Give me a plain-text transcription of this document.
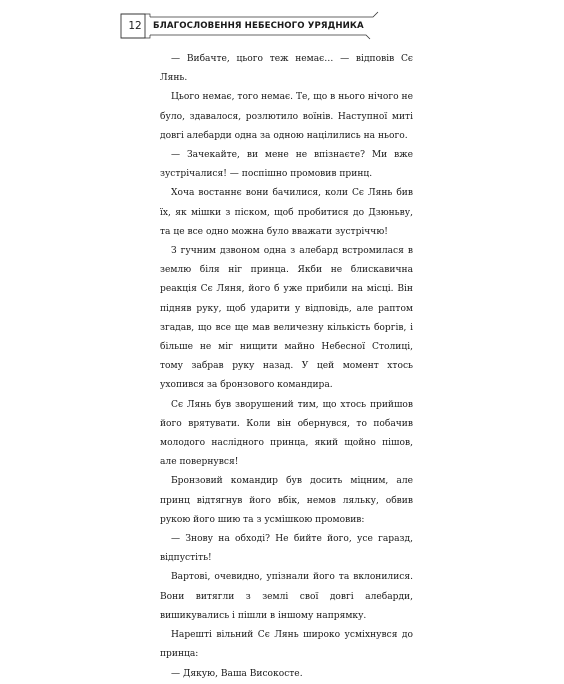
12 БЛАГОСЛОВЕННЯ НЕБЕСНОГО УРЯДНИКА

— Вибачте, цього теж немає… — відповів Сє Лянь.

Цього немає, того немає. Те, що в нього нічого не було, здавалося, розлютило воїнів. Наступної миті довгі алебарди одна за одною націлились на нього.

— Зачекайте, ви мене не впізнаєте? Ми вже зустрічалися! — поспішно промовив принц.

Хоча востаннє вони бачилися, коли Сє Лянь бив їх, як мішки з піском, щоб пробитися до Дзюньву, та це все одно можна було вважати зустріччю!

З гучним дзвоном одна з алебард встромилася в землю біля ніг принца. Якби не блискавична реакція Сє Ляня, його б уже прибили на місці. Він підняв руку, щоб ударити у відповідь, але раптом згадав, що все ще мав величезну кількість боргів, і більше не міг нищити майно Небесної Столиці, тому забрав руку назад. У цей момент хтось ухопився за бронзового командира.

Сє Лянь був зворушений тим, що хтось прийшов його врятувати. Коли він обернувся, то побачив молодого наслідного принца, який щойно пішов, але повернувся!

Бронзовий командир був досить міцним, але принц відтягнув його вбік, немов ляльку, обвив рукою його шию та з усмішкою промовив:

— Знову на обході? Не бийте його, усе гаразд, відпустіть!

Вартові, очевидно, упізнали його та вклонилися. Вони витягли з землі свої довгі алебарди, вишикувались і пішли в іншому напрямку.

Нарешті вільний Сє Лянь широко усміхнувся до принца:

— Дякую, Ваша Високосте.
